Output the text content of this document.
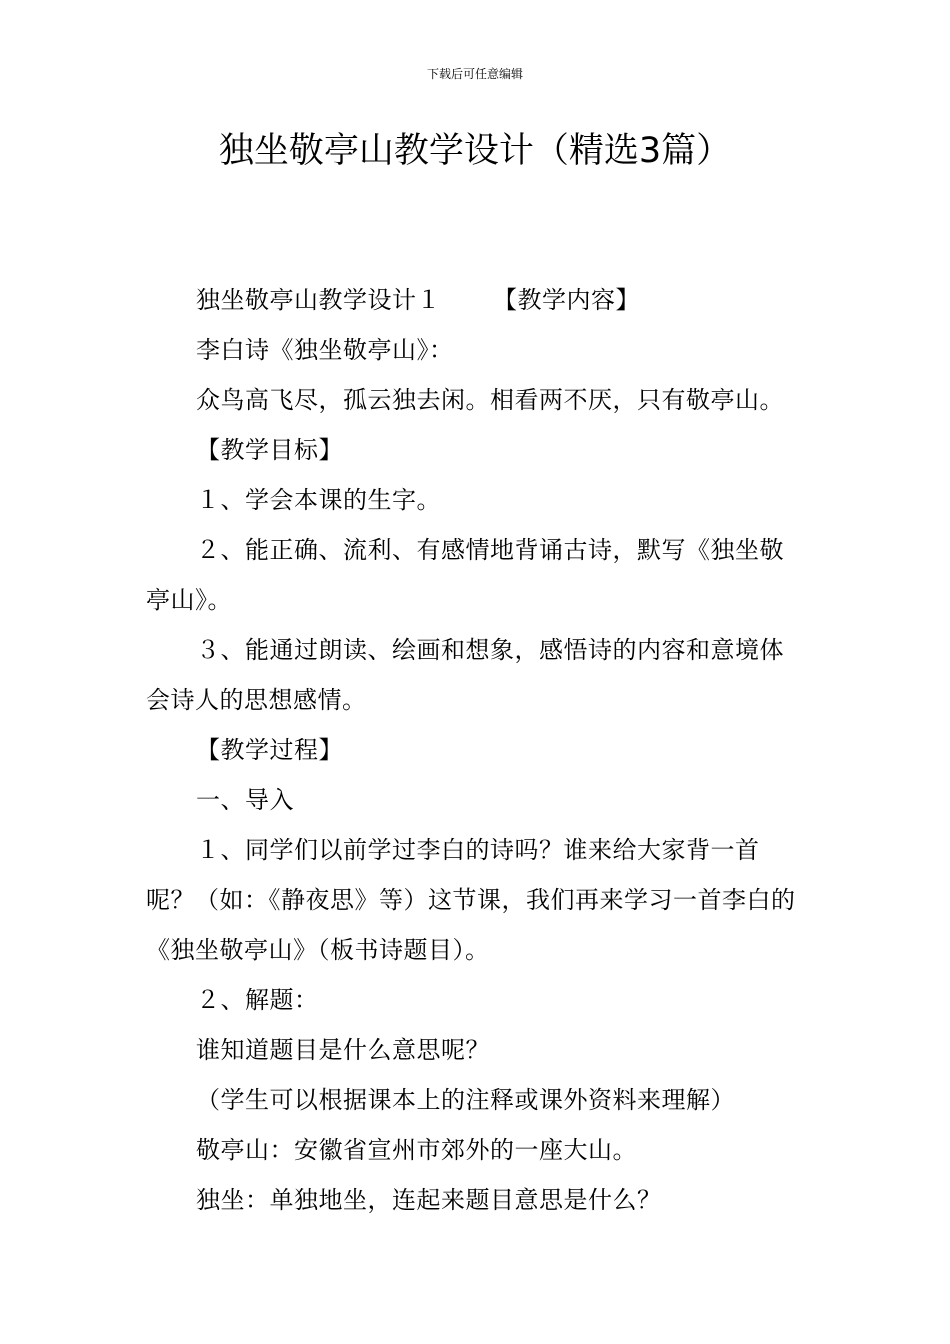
下载后可任意编辑
独坐敬亭山教学设计（精选3篇）

独坐敬亭山教学设计１ 【教学内容】

李白诗《独坐敬亭山》：

众鸟高飞尽，孤云独去闲。相看两不厌，只有敬亭山。

【教学目标】

１、学会本课的生字。

２、能正确、流利、有感情地背诵古诗，默写《独坐敬亭山》。

３、能通过朗读、绘画和想象，感悟诗的内容和意境体会诗人的思想感情。

【教学过程】

一、导入

１、同学们以前学过李白的诗吗？谁来给大家背一首呢？（如：《静夜思》等）这节课，我们再来学习一首李白的《独坐敬亭山》（板书诗题目）。

２、解题：

谁知道题目是什么意思呢？

（学生可以根据课本上的注释或课外资料来理解）

敬亭山：安徽省宣州市郊外的一座大山。

独坐：单独地坐，连起来题目意思是什么？
